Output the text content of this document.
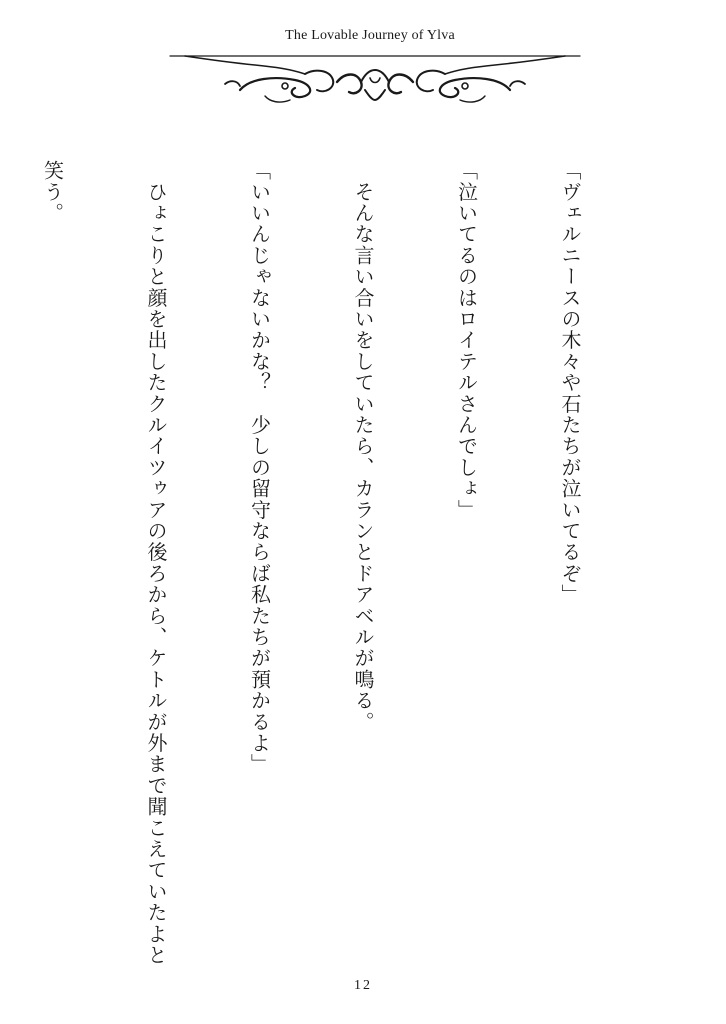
The Lovable Journey of Ylva

「ヴェルニースの木々や石たちが泣いてるぞ」

「泣いてるのはロイテルさんでしょ」

　そんな言い合いをしていたら、カランとドアベルが鳴る。

「いいんじゃないかな？　少しの留守ならば私たちが預かるよ」

　ひょこりと顔を出したクルイツゥアの後ろから、ケトルが外まで聞こえていたよと

笑う。

12
